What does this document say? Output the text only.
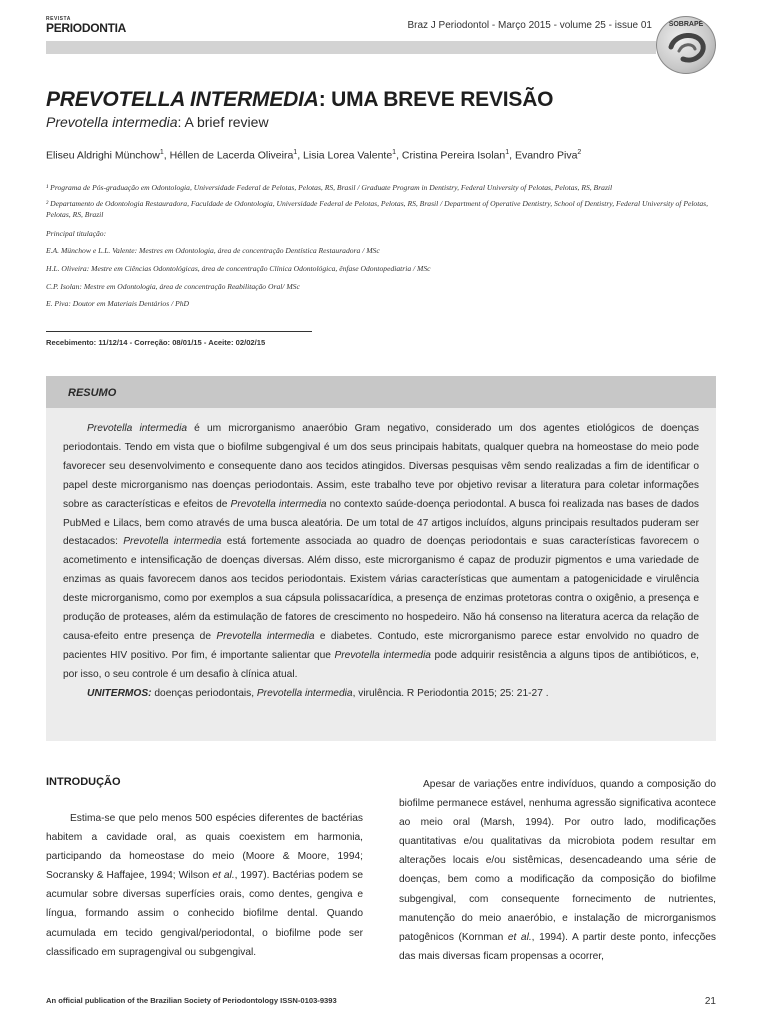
REVISTA
PERIODONTIA	Braz J Periodontol - Março 2015 - volume 25 - issue 01	SOBRAPE
PREVOTELLA INTERMEDIA: UMA BREVE REVISÃO
Prevotella intermedia: A brief review
Eliseu Aldrighi Münchow$^1$, Héllen de Lacerda Oliveira$^1$, Lisia Lorea Valente$^1$, Cristina Pereira Isolan$^1$, Evandro Piva$^2$
¹ Programa de Pós-graduação em Odontologia, Universidade Federal de Pelotas, Pelotas, RS, Brasil / Graduate Program in Dentistry, Federal University of Pelotas, Pelotas, RS, Brazil
² Departamento de Odontologia Restauradora, Faculdade de Odontologia, Universidade Federal de Pelotas, Pelotas, RS, Brasil / Department of Operative Dentistry, School of Dentistry, Federal University of Pelotas, Pelotas, RS, Brazil
Principal titulação:
E.A. Münchow e L.L. Valente: Mestres em Odontologia, área de concentração Dentística Restauradora / MSc
H.L. Oliveira: Mestre em Ciências Odontológicas, área de concentração Clínica Odontológica, ênfase Odontopediatria / MSc
C.P. Isolan: Mestre em Odontologia, área de concentração Reabilitação Oral/ MSc
E. Piva: Doutor em Materiais Dentários / PhD
Recebimento: 11/12/14 - Correção: 08/01/15 - Aceite: 02/02/15
RESUMO
Prevotella intermedia é um microrganismo anaeróbio Gram negativo, considerado um dos agentes etiológicos de doenças periodontais. Tendo em vista que o biofilme subgengival é um dos seus principais habitats, qualquer quebra na homeostase do meio pode favorecer seu desenvolvimento e consequente dano aos tecidos atingidos. Diversas pesquisas vêm sendo realizadas a fim de identificar o papel deste microrganismo nas doenças periodontais. Assim, este trabalho teve por objetivo revisar a literatura para coletar informações sobre as características e efeitos de Prevotella intermedia no contexto saúde-doença periodontal. A busca foi realizada nas bases de dados PubMed e Lilacs, bem como através de uma busca aleatória. De um total de 47 artigos incluídos, alguns principais resultados puderam ser destacados: Prevotella intermedia está fortemente associada ao quadro de doenças periodontais e suas características favorecem o acometimento e intensificação de doenças diversas. Além disso, este microrganismo é capaz de produzir pigmentos e uma variedade de enzimas as quais favorecem danos aos tecidos periodontais. Existem várias características que aumentam a patogenicidade e virulência deste microrganismo, como por exemplos a sua cápsula polissacarídica, a presença de enzimas protetoras contra o oxigênio, a presença e produção de proteases, além da estimulação de fatores de crescimento no hospedeiro. Não há consenso na literatura acerca da relação de causa-efeito entre presença de Prevotella intermedia e diabetes. Contudo, este microrganismo parece estar envolvido no quadro de pacientes HIV positivo. Por fim, é importante salientar que Prevotella intermedia pode adquirir resistência a alguns tipos de antibióticos, e, por isso, o seu controle é um desafio à clínica atual.
UNITERMOS: doenças periodontais, Prevotella intermedia, virulência. R Periodontia 2015; 25: 21-27 .
INTRODUÇÃO
Estima-se que pelo menos 500 espécies diferentes de bactérias habitem a cavidade oral, as quais coexistem em harmonia, participando da homeostase do meio (Moore & Moore, 1994; Socransky & Haffajee, 1994; Wilson et al., 1997). Bactérias podem se acumular sobre diversas superfícies orais, como dentes, gengiva e língua, formando assim o conhecido biofilme dental. Quando acumulada em tecido gengival/periodontal, o biofilme pode ser classificado em supragengival ou subgengival.
Apesar de variações entre indivíduos, quando a composição do biofilme permanece estável, nenhuma agressão significativa acontece ao meio oral (Marsh, 1994). Por outro lado, modificações quantitativas e/ou qualitativas da microbiota podem resultar em alterações locais e/ou sistêmicas, desencadeando uma série de doenças, bem como a modificação da composição do biofilme subgengival, com consequente fornecimento de nutrientes, manutenção do meio anaeróbio, e instalação de microrganismos patogênicos (Kornman et al., 1994). A partir deste ponto, infecções das mais diversas ficam propensas a ocorrer,
An official publication of the Brazilian Society of Periodontology ISSN-0103-9393	21
